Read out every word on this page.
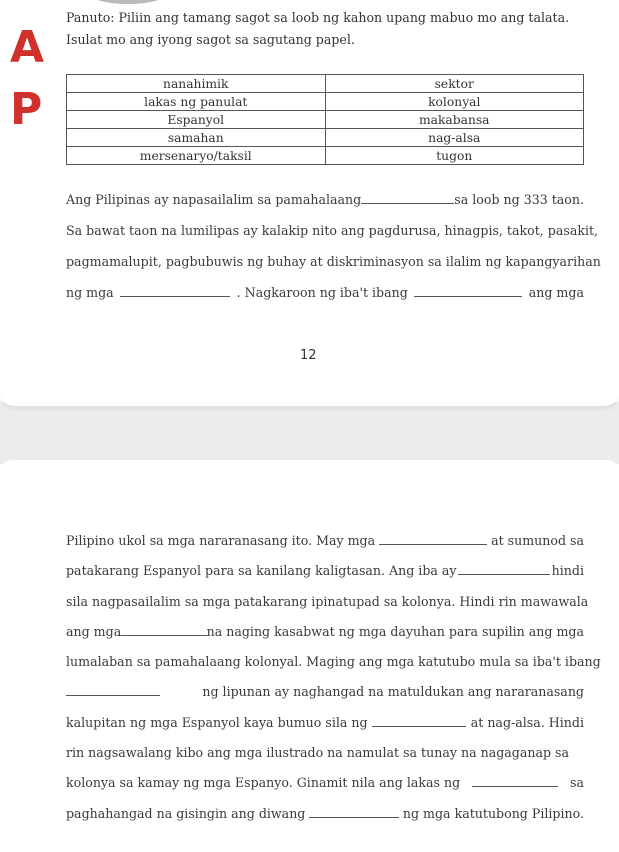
A
P
Panuto: Piliin ang tamang sagot sa loob ng kahon upang mabuo mo ang talata.
Isulat mo ang iyong sagot sa sagutang papel.
nanahimik	sektor
lakas ng panulat	kolonyal
Espanyol	makabansa
samahan	nag-alsa
mersenaryo/taksil	tugon
Ang Pilipinas ay napasailalim sa pamahalaang	sa loob ng 333 taon.
Sa bawat taon na lumilipas ay kalakip nito ang pagdurusa, hinagpis, takot, pasakit,
pagmamalupit, pagbubuwis ng buhay at diskriminasyon sa ilalim ng kapangyarihan
ng mga	. Nagkaroon ng iba't ibang	ang mga
12
Pilipino ukol sa mga nararanasang ito. May mga	at sumunod sa
patakarang Espanyol para sa kanilang kaligtasan. Ang iba ay	hindi
sila nagpasailalim sa mga patakarang ipinatupad sa kolonya. Hindi rin mawawala
ang mga	na naging kasabwat ng mga dayuhan para supilin ang mga
lumalaban sa pamahalaang kolonyal. Maging ang mga katutubo mula sa iba't ibang
ng lipunan ay naghangad na matuldukan ang nararanasang
kalupitan ng mga Espanyol kaya bumuo sila ng	at nag-alsa. Hindi
rin nagsawalang kibo ang mga ilustrado na namulat sa tunay na nagaganap sa
kolonya sa kamay ng mga Espanyo. Ginamit nila ang lakas ng	sa
paghahangad na gisingin ang diwang	ng mga katutubong Pilipino.
